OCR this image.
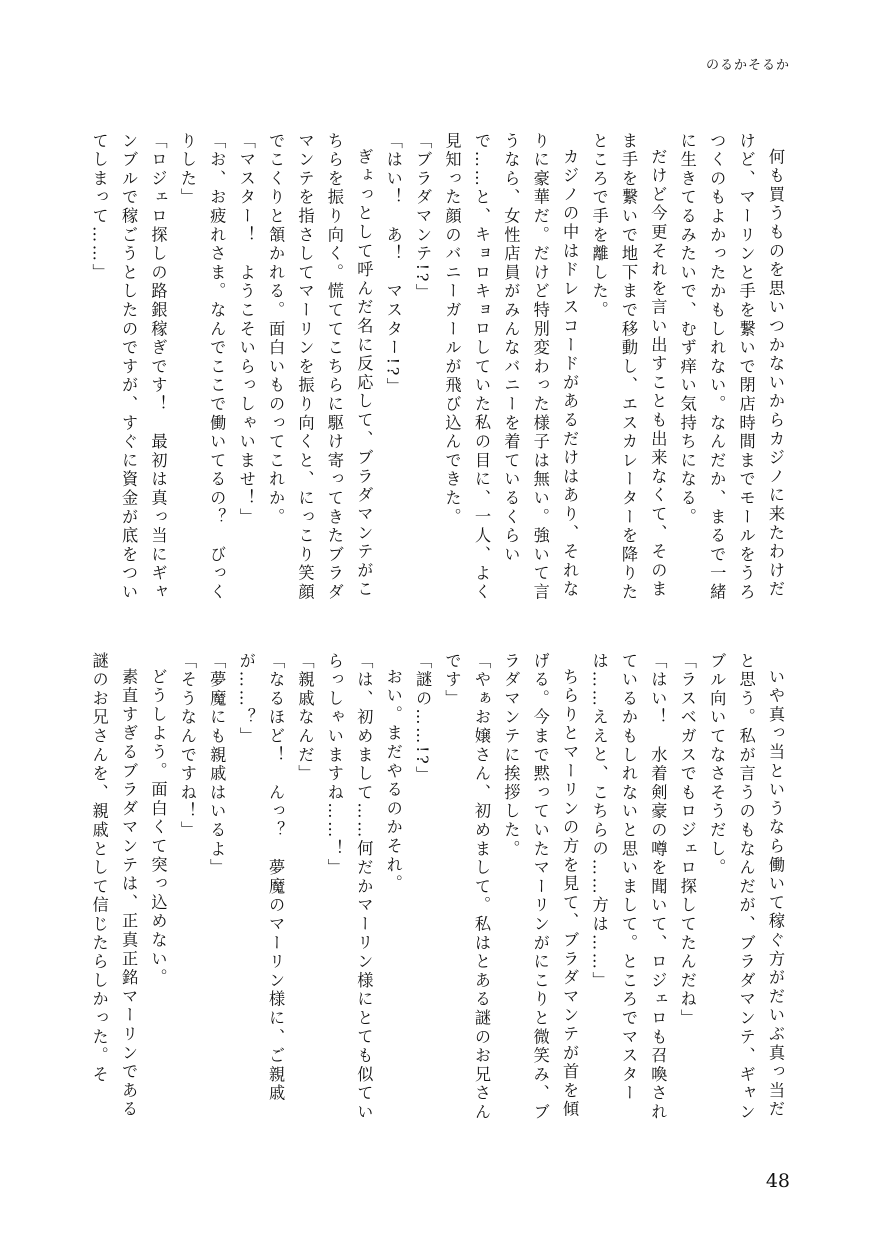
のるかそるか

何も買うものを思いつかないからカジノに来たわけだけど、マーリンと手を繋いで閉店時間までモールをうろつくのもよかったかもしれない。なんだか、まるで一緒に生きてるみたいで、むず痒い気持ちになる。

だけど今更それを言い出すことも出来なくて、そのまま手を繋いで地下まで移動し、エスカレーターを降りたところで手を離した。

カジノの中はドレスコードがあるだけはあり、それなりに豪華だ。だけど特別変わった様子は無い。強いて言うなら、女性店員がみんなバニーを着ているくらいで……と、キョロキョロしていた私の目に、一人、よく見知った顔のバニーガールが飛び込んできた。

「ブラダマンテ!?」

「はい！　あ！　マスター!?」

ぎょっとして呼んだ名に反応して、ブラダマンテがこちらを振り向く。慌ててこちらに駆け寄ってきたブラダマンテを指さしてマーリンを振り向くと、にっこり笑顔でこくりと頷かれる。面白いものってこれか。

「マスター！　ようこそいらっしゃいませ！」

「お、お疲れさま。なんでここで働いてるの？　びっくりした」

「ロジェロ探しの路銀稼ぎです！　最初は真っ当にギャンブルで稼ごうとしたのですが、すぐに資金が底をついてしまって……」

いや真っ当というなら働いて稼ぐ方がだいぶ真っ当だと思う。私が言うのもなんだが、ブラダマンテ、ギャンブル向いてなさそうだし。

「ラスベガスでもロジェロ探してたんだね」

「はい！　水着剣豪の噂を聞いて、ロジェロも召喚されているかもしれないと思いまして。ところでマスターは……ええと、こちらの……方は……」

ちらりとマーリンの方を見て、ブラダマンテが首を傾げる。今まで黙っていたマーリンがにこりと微笑み、ブラダマンテに挨拶した。

「やぁお嬢さん、初めまして。私はとある謎のお兄さんです」

「謎の……!?」

おい。まだやるのかそれ。

「は、初めまして……何だかマーリン様にとても似ていらっしゃいますね……！」

「親戚なんだ」

「なるほど！　んっ？　夢魔のマーリン様に、ご親戚が……？」

「夢魔にも親戚はいるよ」

「そうなんですね！」

どうしよう。面白くて突っ込めない。

素直すぎるブラダマンテは、正真正銘マーリンである謎のお兄さんを、親戚として信じたらしかった。そ

48
